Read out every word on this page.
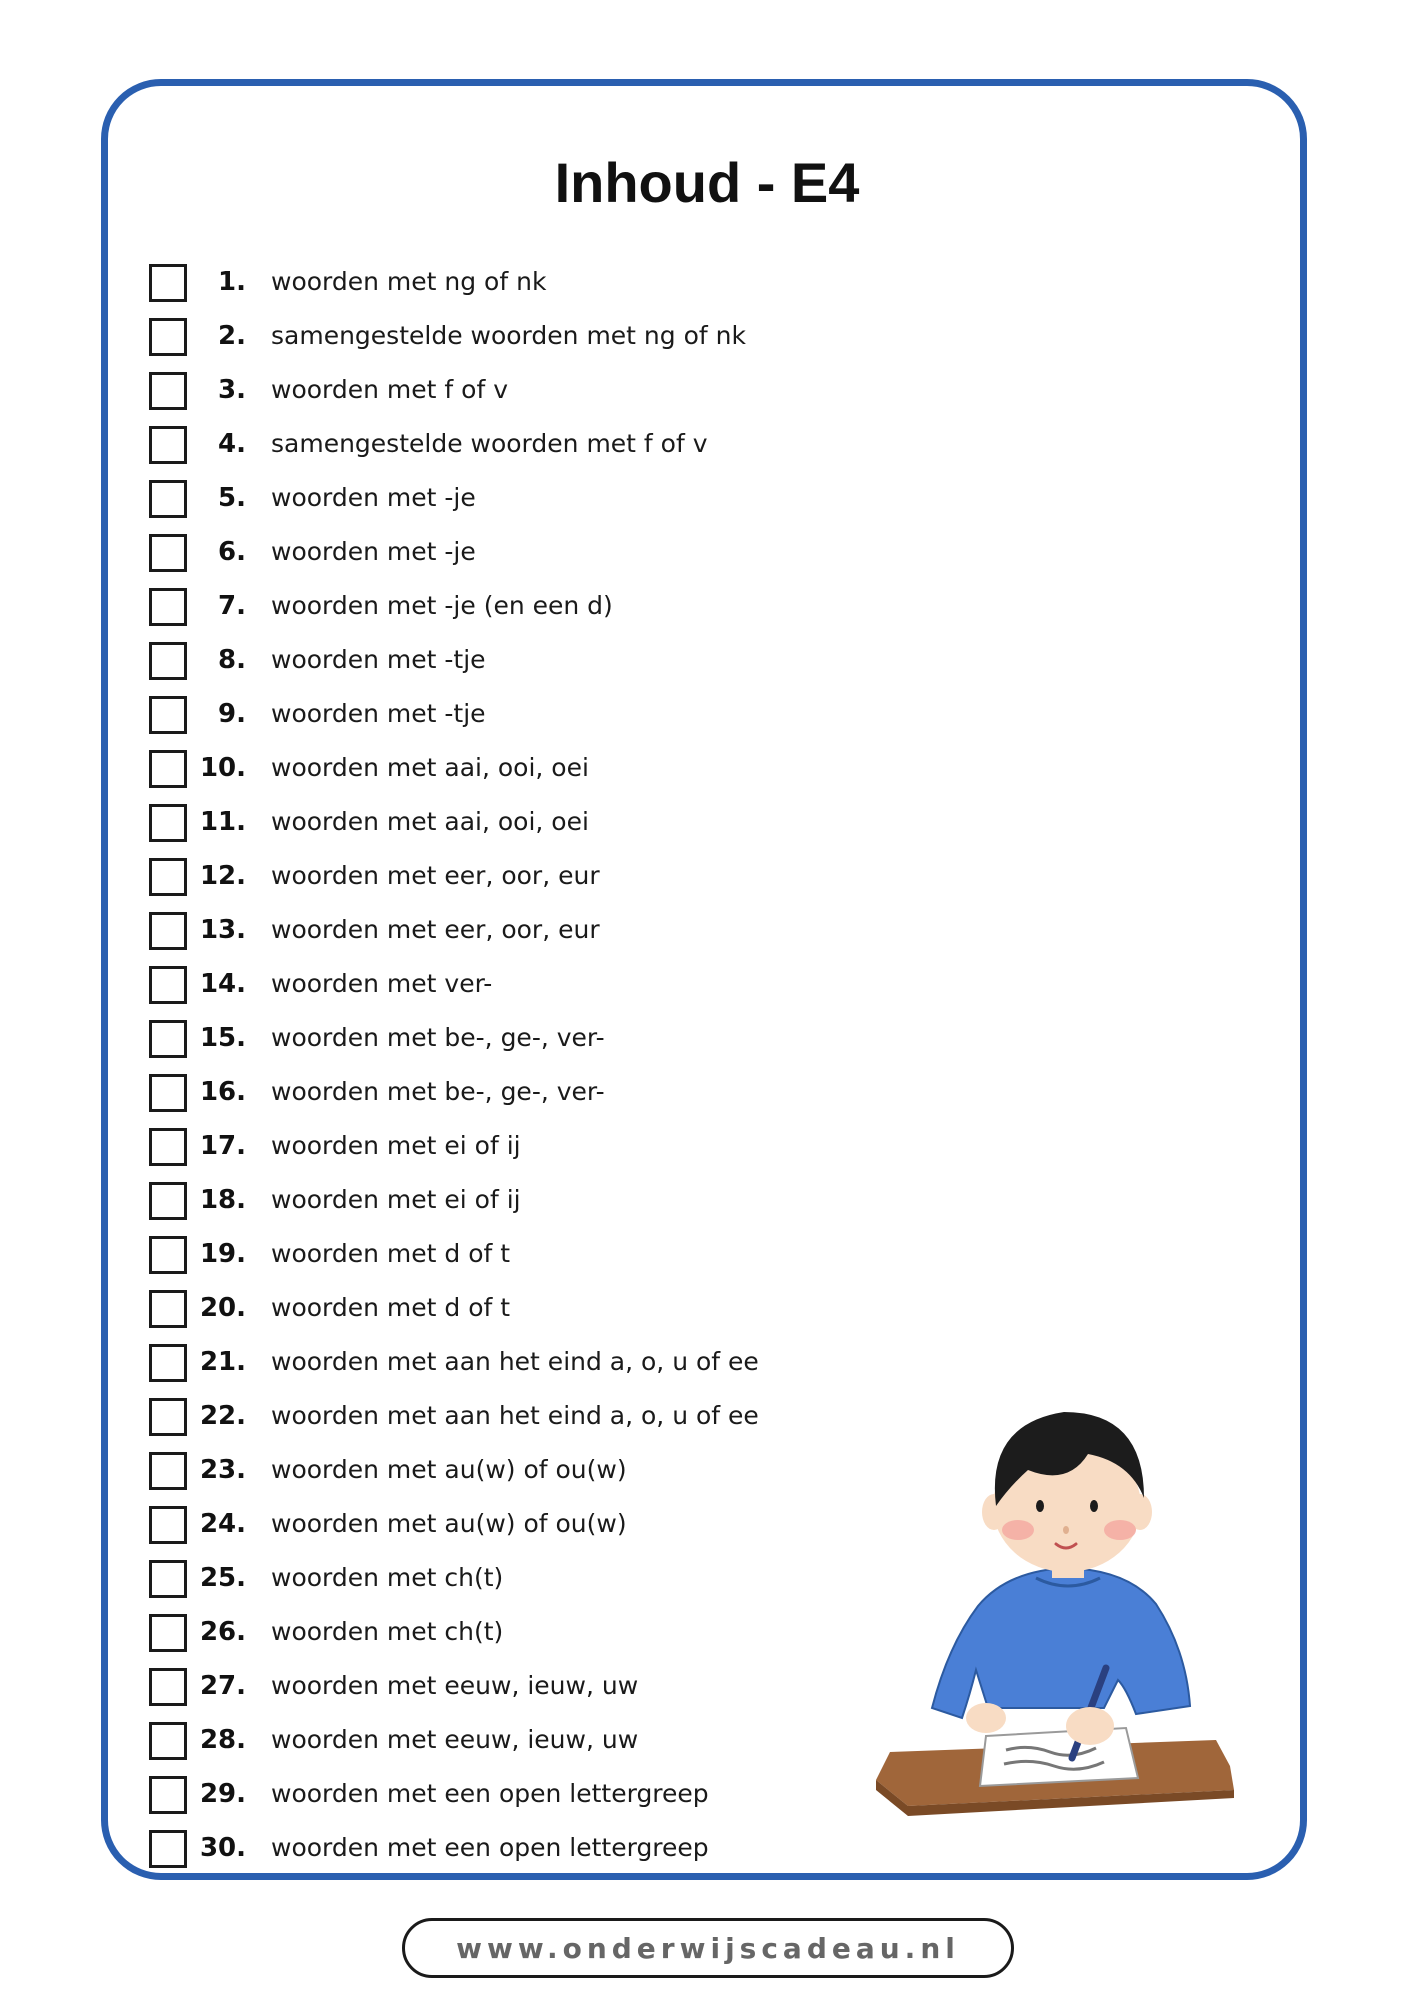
Inhoud - E4
1. woorden met ng of nk
2. samengestelde woorden met ng of nk
3. woorden met f of v
4. samengestelde woorden met f of v
5. woorden met -je
6. woorden met -je
7. woorden met -je (en een d)
8. woorden met -tje
9. woorden met -tje
10. woorden met aai, ooi, oei
11. woorden met aai, ooi, oei
12. woorden met eer, oor, eur
13. woorden met eer, oor, eur
14. woorden met ver-
15. woorden met be-, ge-, ver-
16. woorden met be-, ge-, ver-
17. woorden met ei of ij
18. woorden met ei of ij
19. woorden met d of t
20. woorden met d of t
21. woorden met aan het eind a, o, u of ee
22. woorden met aan het eind a, o, u of ee
23. woorden met au(w) of ou(w)
24. woorden met au(w) of ou(w)
25. woorden met ch(t)
26. woorden met ch(t)
27. woorden met eeuw, ieuw, uw
28. woorden met eeuw, ieuw, uw
29. woorden met een open lettergreep
30. woorden met een open lettergreep
www.onderwijscadeau.nl
